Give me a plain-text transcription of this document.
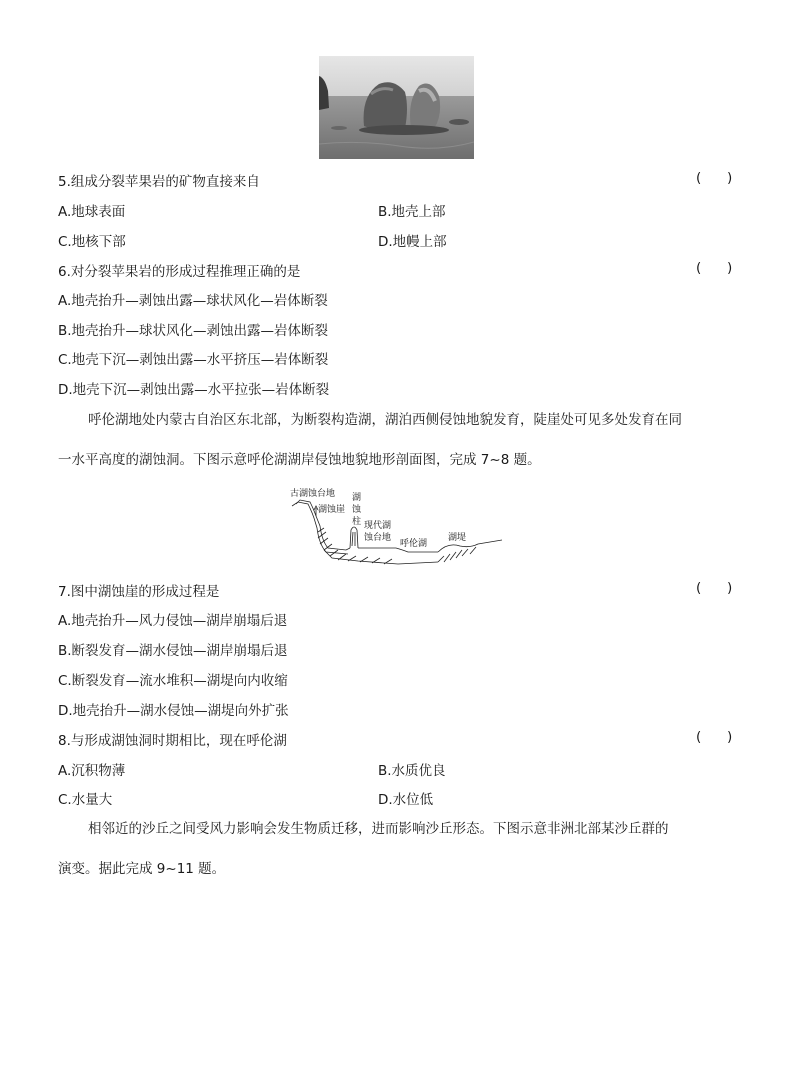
5.组成分裂苹果岩的矿物直接来自	(      )
A.地球表面	B.地壳上部
C.地核下部	D.地幔上部
6.对分裂苹果岩的形成过程推理正确的是	(      )
A.地壳抬升—剥蚀出露—球状风化—岩体断裂
B.地壳抬升—球状风化—剥蚀出露—岩体断裂
C.地壳下沉—剥蚀出露—水平挤压—岩体断裂
D.地壳下沉—剥蚀出露—水平拉张—岩体断裂
呼伦湖地处内蒙古自治区东北部，为断裂构造湖，湖泊西侧侵蚀地貌发育，陡崖处可见多处发育在同
一水平高度的湖蚀洞。下图示意呼伦湖湖岸侵蚀地貌地形剖面图，完成 7~8 题。
古湖蚀台地
湖蚀崖
湖
蚀
柱 现代湖
蚀台地
呼伦湖
湖堤
7.图中湖蚀崖的形成过程是	(      )
A.地壳抬升—风力侵蚀—湖岸崩塌后退
B.断裂发育—湖水侵蚀—湖岸崩塌后退
C.断裂发育—流水堆积—湖堤向内收缩
D.地壳抬升—湖水侵蚀—湖堤向外扩张
8.与形成湖蚀洞时期相比，现在呼伦湖	(      )
A.沉积物薄	B.水质优良
C.水量大	D.水位低
相邻近的沙丘之间受风力影响会发生物质迁移，进而影响沙丘形态。下图示意非洲北部某沙丘群的
演变。据此完成 9~11 题。
